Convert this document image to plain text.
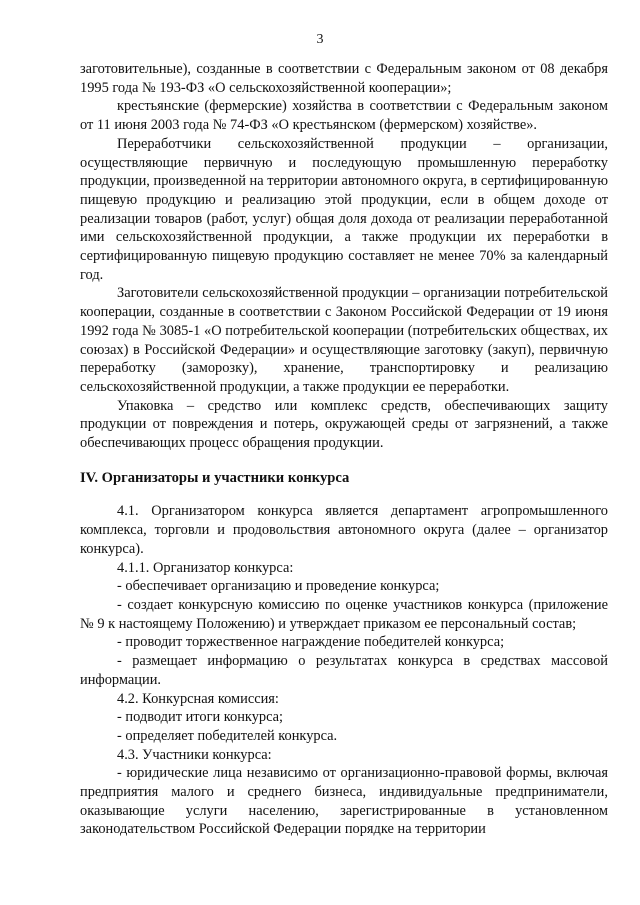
3
заготовительные), созданные в соответствии с Федеральным законом от 08 декабря 1995 года № 193-ФЗ «О сельскохозяйственной кооперации»;
крестьянские (фермерские) хозяйства в соответствии с Федеральным законом от 11 июня 2003 года № 74-ФЗ «О крестьянском (фермерском) хозяйстве».
Переработчики сельскохозяйственной продукции – организации, осуществляющие первичную и последующую промышленную переработку продукции, произведенной на территории автономного округа, в сертифицированную пищевую продукцию и реализацию этой продукции, если в общем доходе от реализации товаров (работ, услуг) общая доля дохода от реализации переработанной ими сельскохозяйственной продукции, а также продукции их переработки в сертифицированную пищевую продукцию составляет не менее 70% за календарный год.
Заготовители сельскохозяйственной продукции – организации потребительской кооперации, созданные в соответствии с Законом Российской Федерации от 19 июня 1992 года № 3085-1 «О потребительской кооперации (потребительских обществах, их союзах) в Российской Федерации» и осуществляющие заготовку (закуп), первичную переработку (заморозку), хранение, транспортировку и реализацию сельскохозяйственной продукции, а также продукции ее переработки.
Упаковка – средство или комплекс средств, обеспечивающих защиту продукции от повреждения и потерь, окружающей среды от загрязнений, а также обеспечивающих процесс обращения продукции.
IV. Организаторы и участники конкурса
4.1. Организатором конкурса является департамент агропромышленного комплекса, торговли и продовольствия автономного округа (далее – организатор конкурса).
4.1.1. Организатор конкурса:
- обеспечивает организацию и проведение конкурса;
- создает конкурсную комиссию по оценке участников конкурса (приложение № 9 к настоящему Положению) и утверждает приказом ее персональный состав;
- проводит торжественное награждение победителей конкурса;
- размещает информацию о результатах конкурса в средствах массовой информации.
4.2. Конкурсная комиссия:
- подводит итоги конкурса;
- определяет победителей конкурса.
4.3. Участники конкурса:
- юридические лица независимо от организационно-правовой формы, включая предприятия малого и среднего бизнеса, индивидуальные предприниматели, оказывающие услуги населению, зарегистрированные в установленном законодательством Российской Федерации порядке на территории
